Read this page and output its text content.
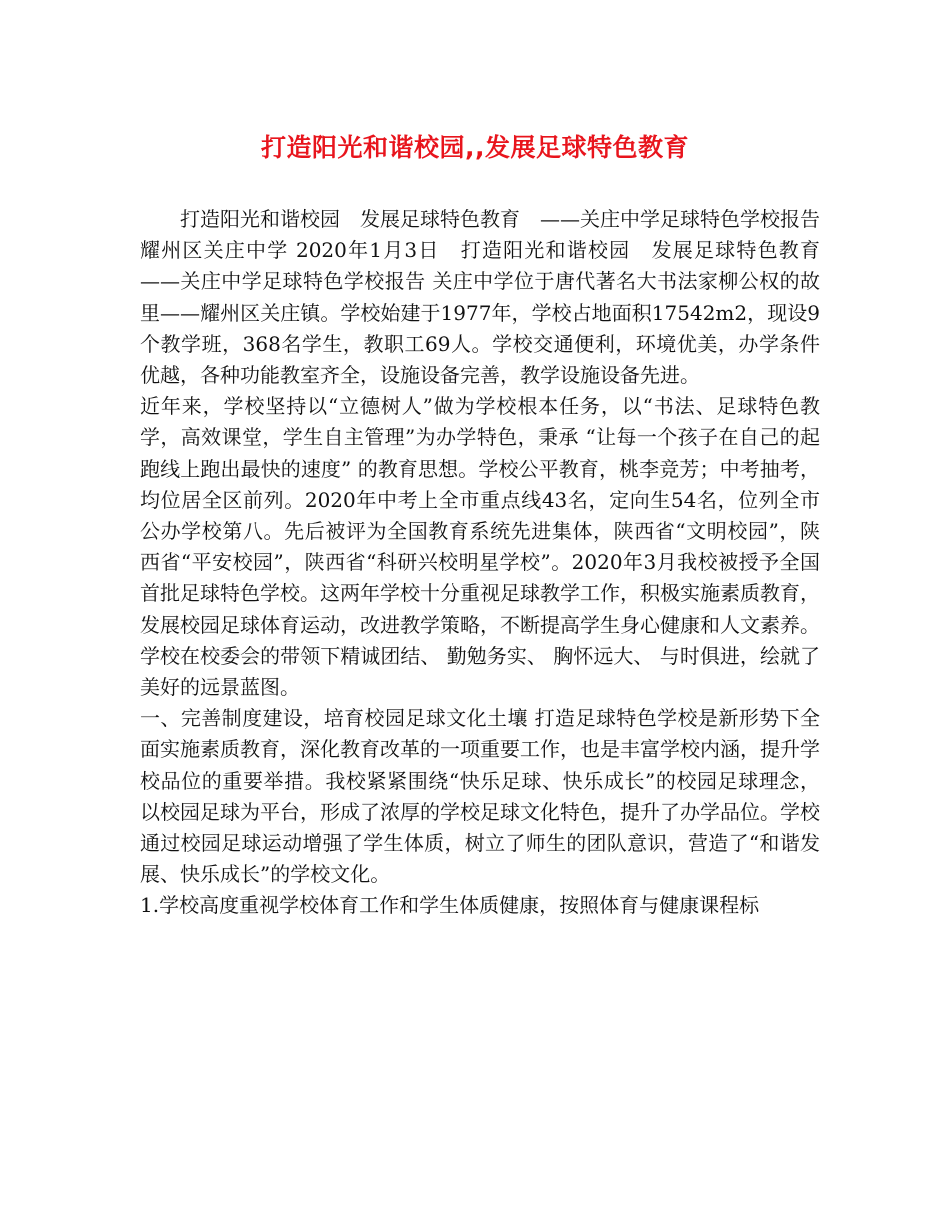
打造阳光和谐校园,,发展足球特色教育

打造阳光和谐校园　发展足球特色教育　——关庄中学足球特色学校报告　　　　　耀州区关庄中学 2020年1月3日　打造阳光和谐校园　发展足球特色教育　——关庄中学足球特色学校报告 关庄中学位于唐代著名大书法家柳公权的故里——耀州区关庄镇。学校始建于1977年，学校占地面积17542m2，现设9个教学班，368名学生，教职工69人。学校交通便利，环境优美，办学条件优越，各种功能教室齐全，设施设备完善，教学设施设备先进。

近年来，学校坚持以“立德树人”做为学校根本任务，以“书法、足球特色教学，高效课堂，学生自主管理”为办学特色，秉承 “让每一个孩子在自己的起跑线上跑出最快的速度” 的教育思想。学校公平教育，桃李竞芳；中考抽考，均位居全区前列。2020年中考上全市重点线43名，定向生54名，位列全市公办学校第八。先后被评为全国教育系统先进集体，陕西省“文明校园”，陕西省“平安校园”，陕西省“科研兴校明星学校”。2020年3月我校被授予全国首批足球特色学校。这两年学校十分重视足球教学工作，积极实施素质教育，发展校园足球体育运动，改进教学策略，不断提高学生身心健康和人文素养。学校在校委会的带领下精诚团结、 勤勉务实、 胸怀远大、 与时俱进，绘就了美好的远景蓝图。

一、完善制度建设，培育校园足球文化土壤 打造足球特色学校是新形势下全面实施素质教育，深化教育改革的一项重要工作，也是丰富学校内涵，提升学校品位的重要举措。我校紧紧围绕“快乐足球、快乐成长”的校园足球理念，以校园足球为平台，形成了浓厚的学校足球文化特色，提升了办学品位。学校通过校园足球运动增强了学生体质，树立了师生的团队意识，营造了“和谐发展、快乐成长”的学校文化。

1.学校高度重视学校体育工作和学生体质健康，按照体育与健康课程标
